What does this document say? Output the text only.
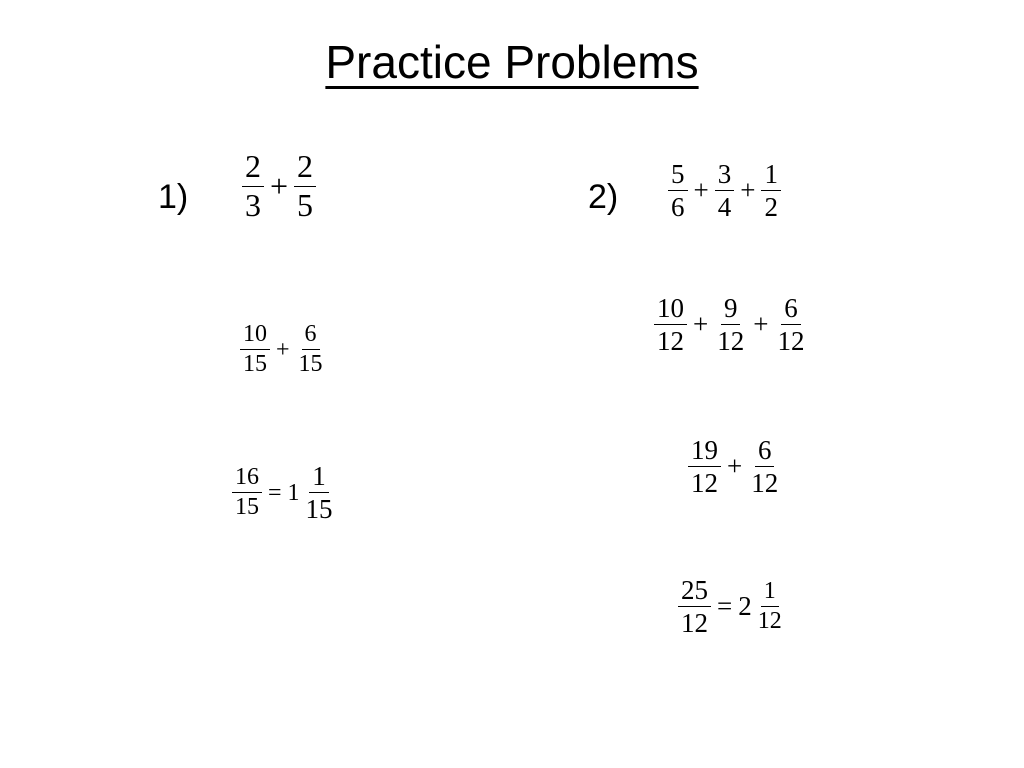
Practice Problems
$1) \frac{2}{3} + \frac{2}{5}$
$\frac{10}{15} + \frac{6}{15}$
$\frac{16}{15} = 1 \frac{1}{15}$
$2) \frac{5}{6} + \frac{3}{4} + \frac{1}{2}$
$\frac{10}{12} + \frac{9}{12} + \frac{6}{12}$
$\frac{19}{12} + \frac{6}{12}$
$\frac{25}{12} = 2 \frac{1}{12}$
